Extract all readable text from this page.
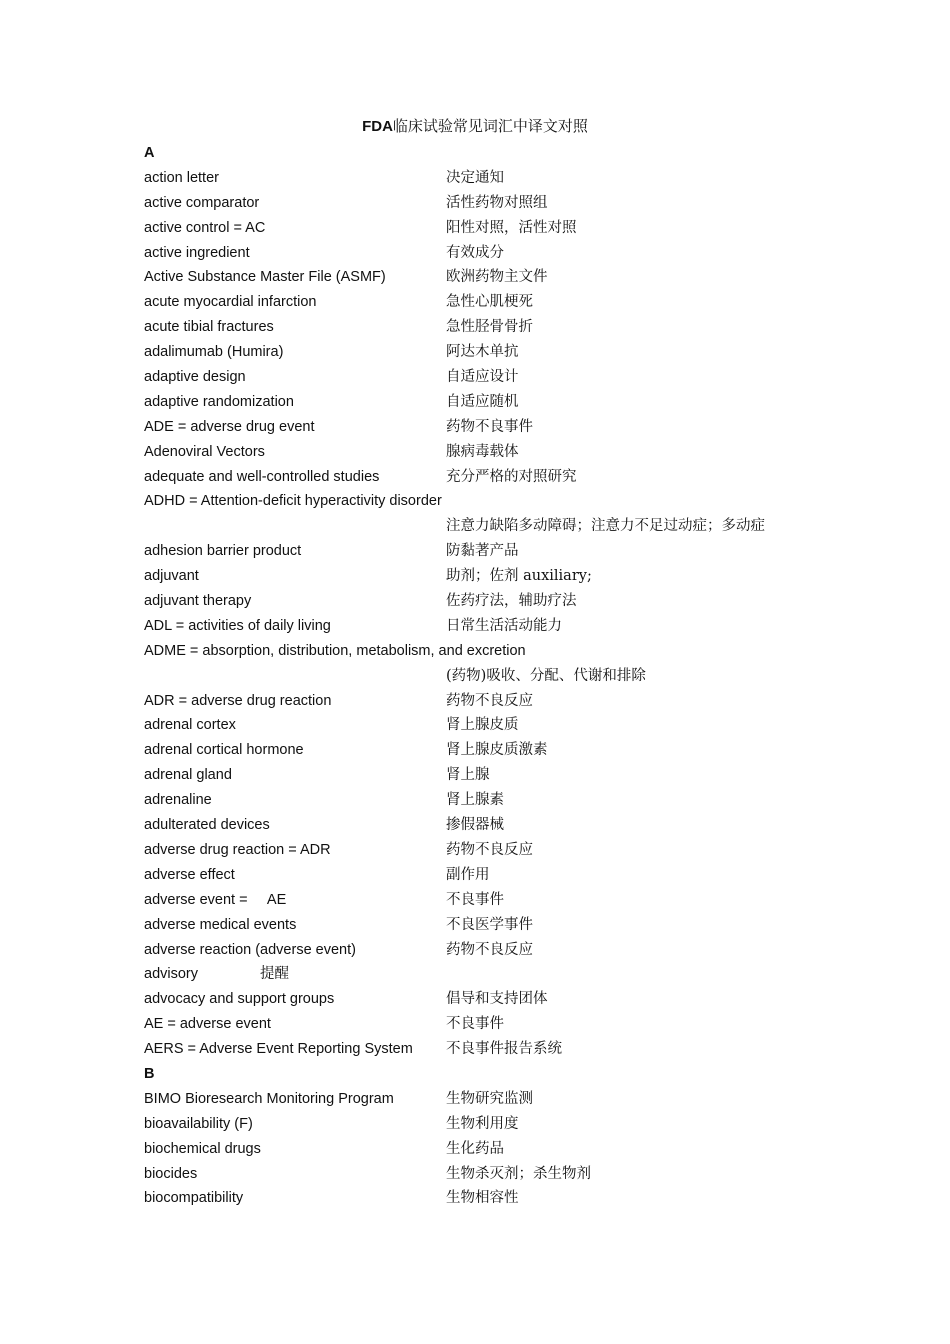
FDA临床试验常见词汇中译文对照
A
action letter	决定通知
active comparator	活性药物对照组
active control = AC	阳性对照，活性对照
active ingredient	有效成分
Active Substance Master File (ASMF)	欧洲药物主文件
acute myocardial infarction	急性心肌梗死
acute tibial fractures	急性胫骨骨折
adalimumab (Humira)	阿达木单抗
adaptive design	自适应设计
adaptive randomization	自适应随机
ADE = adverse drug event	药物不良事件
Adenoviral Vectors	腺病毒载体
adequate and well-controlled studies	充分严格的对照研究
ADHD = Attention-deficit hyperactivity disorder
注意力缺陷多动障碍；注意力不足过动症；多动症
adhesion barrier product	防黏著产品
adjuvant	助剂；佐剂 auxiliary;
adjuvant therapy	佐药疗法，辅助疗法
ADL = activities of daily living	日常生活活动能力
ADME = absorption, distribution, metabolism, and excretion
(药物)吸收、分配、代谢和排除
ADR = adverse drug reaction	药物不良反应
adrenal cortex	肾上腺皮质
adrenal cortical hormone	肾上腺皮质激素
adrenal gland	肾上腺
adrenaline	肾上腺素
adulterated devices	掺假器械
adverse drug reaction = ADR	药物不良反应
adverse effect	副作用
adverse event =     AE	不良事件
adverse medical events	不良医学事件
adverse reaction (adverse event)	药物不良反应
advisory	提醒
advocacy and support groups	倡导和支持团体
AE = adverse event	不良事件
AERS = Adverse Event Reporting System 不良事件报告系统
B
BIMO Bioresearch Monitoring Program	生物研究监测
bioavailability (F)	生物利用度
biochemical drugs	生化药品
biocides	生物杀灭剂；杀生物剂
biocompatibility	生物相容性
